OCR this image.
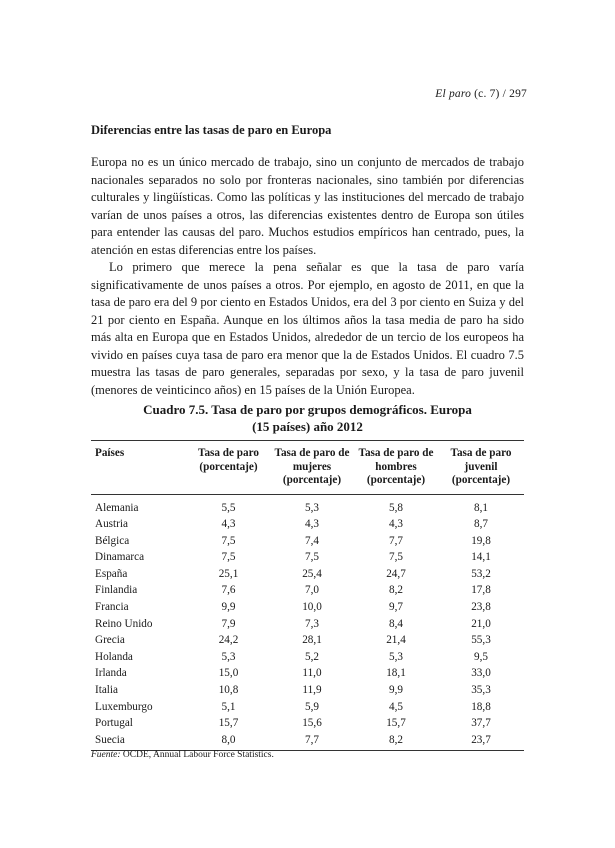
El paro (c. 7) / 297
Diferencias entre las tasas de paro en Europa

Europa no es un único mercado de trabajo, sino un conjunto de mercados de trabajo nacionales separados no solo por fronteras nacionales, sino también por diferencias culturales y lingüísticas. Como las políticas y las instituciones del mercado de trabajo varían de unos países a otros, las diferencias existentes dentro de Europa son útiles para entender las causas del paro. Muchos estudios empíricos han centrado, pues, la atención en estas diferencias entre los países.

Lo primero que merece la pena señalar es que la tasa de paro varía significativamente de unos países a otros. Por ejemplo, en agosto de 2011, en que la tasa de paro era del 9 por ciento en Estados Unidos, era del 3 por ciento en Suiza y del 21 por ciento en España. Aunque en los últimos años la tasa media de paro ha sido más alta en Europa que en Estados Unidos, alrededor de un tercio de los europeos ha vivido en países cuya tasa de paro era menor que la de Estados Unidos. El cuadro 7.5 muestra las tasas de paro generales, separadas por sexo, y la tasa de paro juvenil (menores de veinticinco años) en 15 países de la Unión Europea.

Cuadro 7.5. Tasa de paro por grupos demográficos. Europa
(15 países) año 2012
Países	Tasa de paro (porcentaje)	Tasa de paro de mujeres (porcentaje)	Tasa de paro de hombres (porcentaje)	Tasa de paro juvenil (porcentaje)
Alemania	5,5	5,3	5,8	8,1
Austria	4,3	4,3	4,3	8,7
Bélgica	7,5	7,4	7,7	19,8
Dinamarca	7,5	7,5	7,5	14,1
España	25,1	25,4	24,7	53,2
Finlandia	7,6	7,0	8,2	17,8
Francia	9,9	10,0	9,7	23,8
Reino Unido	7,9	7,3	8,4	21,0
Grecia	24,2	28,1	21,4	55,3
Holanda	5,3	5,2	5,3	9,5
Irlanda	15,0	11,0	18,1	33,0
Italia	10,8	11,9	9,9	35,3
Luxemburgo	5,1	5,9	4,5	18,8
Portugal	15,7	15,6	15,7	37,7
Suecia	8,0	7,7	8,2	23,7
Fuente: OCDE, Annual Labour Force Statistics.
